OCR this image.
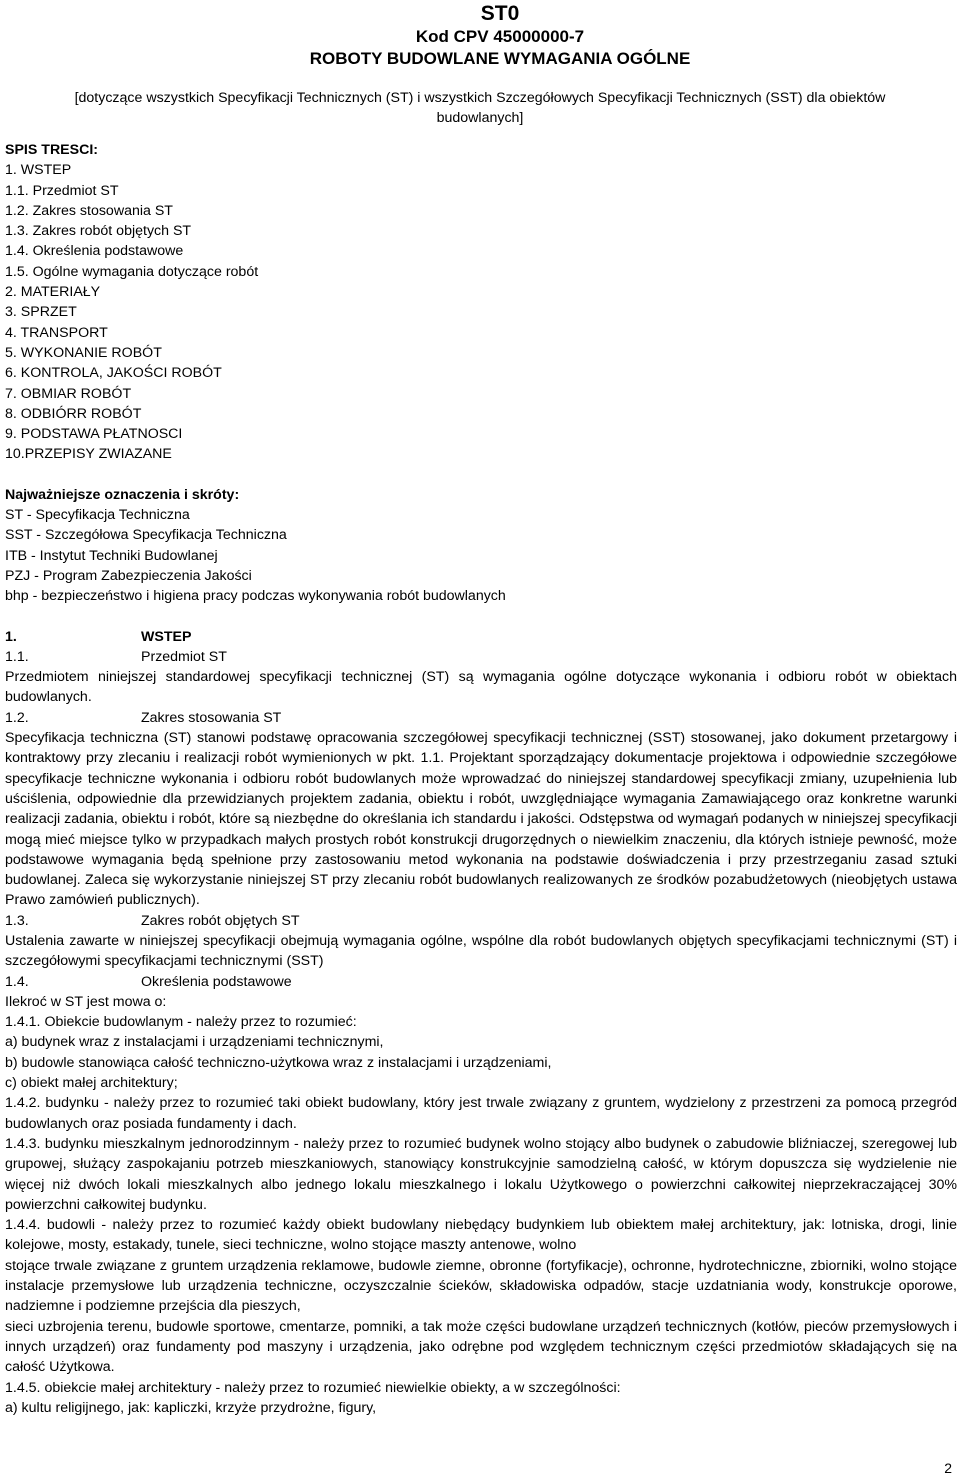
ST0
Kod CPV 45000000-7
ROBOTY BUDOWLANE WYMAGANIA OGÓLNE
[dotyczące wszystkich Specyfikacji Technicznych (ST) i wszystkich Szczegółowych Specyfikacji Technicznych (SST) dla obiektów budowlanych]
SPIS TRESCI:
1. WSTEP
1.1. Przedmiot ST
1.2. Zakres stosowania ST
1.3. Zakres robót objętych ST
1.4. Określenia podstawowe
1.5. Ogólne wymagania dotyczące robót
2. MATERIAŁY
3. SPRZET
4. TRANSPORT
5. WYKONANIE ROBÓT
6. KONTROLA, JAKOŚCI ROBÓT
7. OBMIAR ROBÓT
8. ODBIÓRR ROBÓT
9. PODSTAWA PŁATNOSCI
10.PRZEPISY ZWIAZANE
Najważniejsze oznaczenia i skróty:
ST - Specyfikacja Techniczna
SST - Szczegółowa Specyfikacja Techniczna
ITB - Instytut Techniki Budowlanej
PZJ - Program Zabezpieczenia Jakości
bhp - bezpieczeństwo i higiena pracy podczas wykonywania robót budowlanych
1.	WSTEP
1.1.	Przedmiot ST

Przedmiotem niniejszej standardowej specyfikacji technicznej (ST) są wymagania ogólne dotyczące wykonania i odbioru robót w obiektach budowlanych.

1.2.	Zakres stosowania ST

Specyfikacja techniczna (ST) stanowi podstawę opracowania szczegółowej specyfikacji technicznej (SST) stosowanej, jako dokument przetargowy i kontraktowy przy zlecaniu i realizacji robót wymienionych w pkt. 1.1. Projektant sporządzający dokumentacje projektowa i odpowiednie szczegółowe specyfikacje techniczne wykonania i odbioru robót budowlanych może wprowadzać do niniejszej standardowej specyfikacji zmiany, uzupełnienia lub uściślenia, odpowiednie dla przewidzianych projektem zadania, obiektu i robót, uwzględniające wymagania Zamawiającego oraz konkretne warunki realizacji zadania, obiektu i robót, które są niezbędne do określania ich standardu i jakości. Odstępstwa od wymagań podanych w niniejszej specyfikacji mogą mieć miejsce tylko w przypadkach małych prostych robót konstrukcji drugorzędnych o niewielkim znaczeniu, dla których istnieje pewność, może podstawowe wymagania będą spełnione przy zastosowaniu metod wykonania na podstawie doświadczenia i przy przestrzeganiu zasad sztuki budowlanej. Zaleca się wykorzystanie niniejszej ST przy zlecaniu robót budowlanych realizowanych ze środków pozabudżetowych (nieobjętych ustawa Prawo zamówień publicznych).

1.3.	Zakres robót objętych ST

Ustalenia zawarte w niniejszej specyfikacji obejmują wymagania ogólne, wspólne dla robót budowlanych objętych specyfikacjami technicznymi (ST) i szczegółowymi specyfikacjami technicznymi (SST)

1.4.	Określenia podstawowe

Ilekroć w ST jest mowa o:

1.4.1. Obiekcie budowlanym - należy przez to rozumieć:

a) budynek wraz z instalacjami i urządzeniami technicznymi,

b) budowle stanowiąca całość techniczno-użytkowa wraz z instalacjami i urządzeniami,

c) obiekt małej architektury;

1.4.2. budynku - należy przez to rozumieć taki obiekt budowlany, który jest trwale związany z gruntem, wydzielony z przestrzeni za pomocą przegród budowlanych oraz posiada fundamenty i dach.

1.4.3. budynku mieszkalnym jednorodzinnym - należy przez to rozumieć budynek wolno stojący albo budynek o zabudowie bliźniaczej, szeregowej lub grupowej, służący zaspokajaniu potrzeb mieszkaniowych, stanowiący konstrukcyjnie samodzielną całość, w którym dopuszcza się wydzielenie nie więcej niż dwóch lokali mieszkalnych albo jednego lokalu mieszkalnego i lokalu Użytkowego o powierzchni całkowitej nieprzekraczającej 30% powierzchni całkowitej budynku.

1.4.4. budowli - należy przez to rozumieć każdy obiekt budowlany niebędący budynkiem lub obiektem małej architektury, jak: lotniska, drogi, linie kolejowe, mosty, estakady, tunele, sieci techniczne, wolno stojące maszty antenowe, wolno

stojące trwale związane z gruntem urządzenia reklamowe, budowle ziemne, obronne (fortyfikacje), ochronne, hydrotechniczne, zbiorniki, wolno stojące instalacje przemysłowe lub urządzenia techniczne, oczyszczalnie ścieków, składowiska odpadów, stacje uzdatniania wody, konstrukcje oporowe, nadziemne i podziemne przejścia dla pieszych,

sieci uzbrojenia terenu, budowle sportowe, cmentarze, pomniki, a tak może części budowlane urządzeń technicznych (kotłów, pieców przemysłowych i innych urządzeń) oraz fundamenty pod maszyny i urządzenia, jako odrębne pod względem technicznym części przedmiotów składających się na całość Użytkowa.

1.4.5. obiekcie małej architektury - należy przez to rozumieć niewielkie obiekty, a w szczególności:

a) kultu religijnego, jak: kapliczki, krzyże przydrożne, figury,

2
